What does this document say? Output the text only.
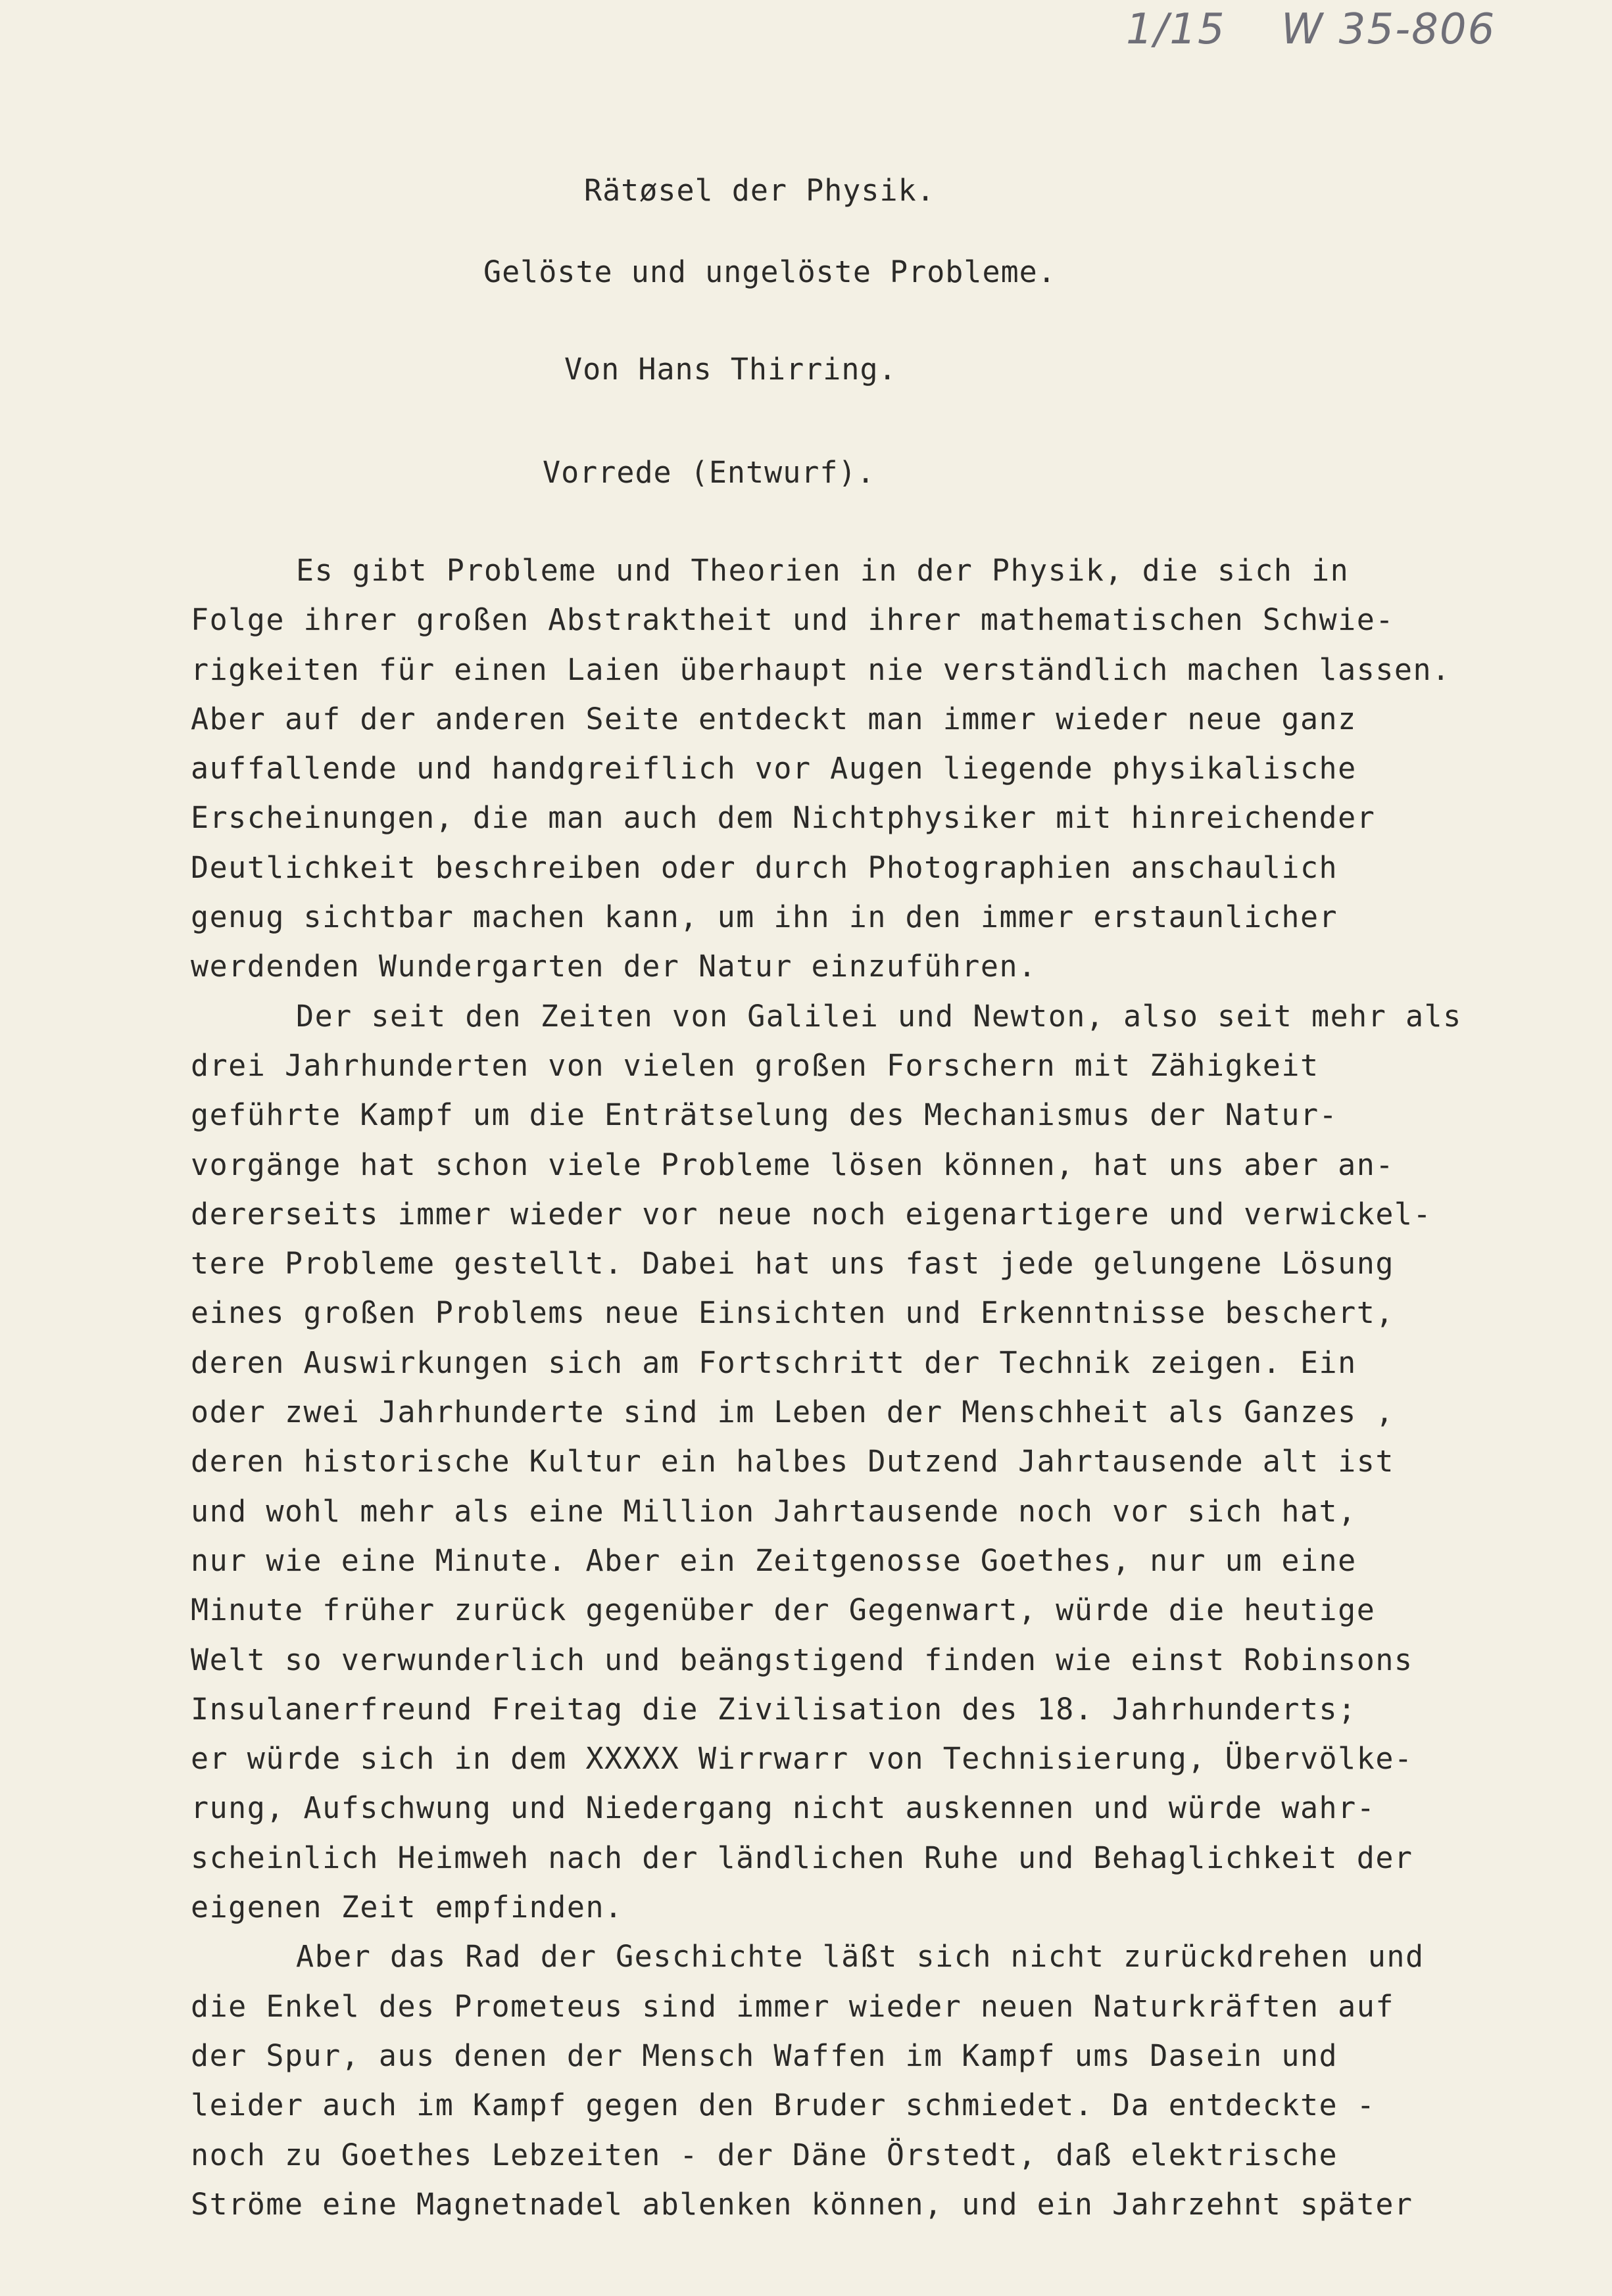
1/15 W 35-806
Rätøsel der Physik.
Gelöste und ungelöste Probleme.
Von Hans Thirring.
Vorrede (Entwurf).
Es gibt Probleme und Theorien in der Physik, die sich in
Folge ihrer großen Abstraktheit und ihrer mathematischen Schwie-
rigkeiten für einen Laien überhaupt nie verständlich machen lassen.
Aber auf der anderen Seite entdeckt man immer wieder neue ganz
auffallende und handgreiflich vor Augen liegende physikalische
Erscheinungen, die man auch dem Nichtphysiker mit hinreichender
Deutlichkeit beschreiben oder durch Photographien anschaulich
genug sichtbar machen kann, um ihn in den immer erstaunlicher
werdenden Wundergarten der Natur einzuführen.
Der seit den Zeiten von Galilei und Newton, also seit mehr als
drei Jahrhunderten von vielen großen Forschern mit Zähigkeit
geführte Kampf um die Enträtselung des Mechanismus der Natur-
vorgänge hat schon viele Probleme lösen können, hat uns aber an-
dererseits immer wieder vor neue noch eigenartigere und verwickel-
tere Probleme gestellt. Dabei hat uns fast jede gelungene Lösung
eines großen Problems neue Einsichten und Erkenntnisse beschert,
deren Auswirkungen sich am Fortschritt der Technik zeigen. Ein
oder zwei Jahrhunderte sind im Leben der Menschheit als Ganzes ,
deren historische Kultur ein halbes Dutzend Jahrtausende alt ist
und wohl mehr als eine Million Jahrtausende noch vor sich hat,
nur wie eine Minute. Aber ein Zeitgenosse Goethes, nur um eine
Minute früher zurück gegenüber der Gegenwart, würde die heutige
Welt so verwunderlich und beängstigend finden wie einst Robinsons
Insulanerfreund Freitag die Zivilisation des 18. Jahrhunderts;
er würde sich in dem XXXXX Wirrwarr von Technisierung, Übervölke-
rung, Aufschwung und Niedergang nicht auskennen und würde wahr-
scheinlich Heimweh nach der ländlichen Ruhe und Behaglichkeit der
eigenen Zeit empfinden.
Aber das Rad der Geschichte läßt sich nicht zurückdrehen und
die Enkel des Prometeus sind immer wieder neuen Naturkräften auf
der Spur, aus denen der Mensch Waffen im Kampf ums Dasein und
leider auch im Kampf gegen den Bruder schmiedet. Da entdeckte -
noch zu Goethes Lebzeiten - der Däne Örstedt, daß elektrische
Ströme eine Magnetnadel ablenken können, und ein Jahrzehnt später
